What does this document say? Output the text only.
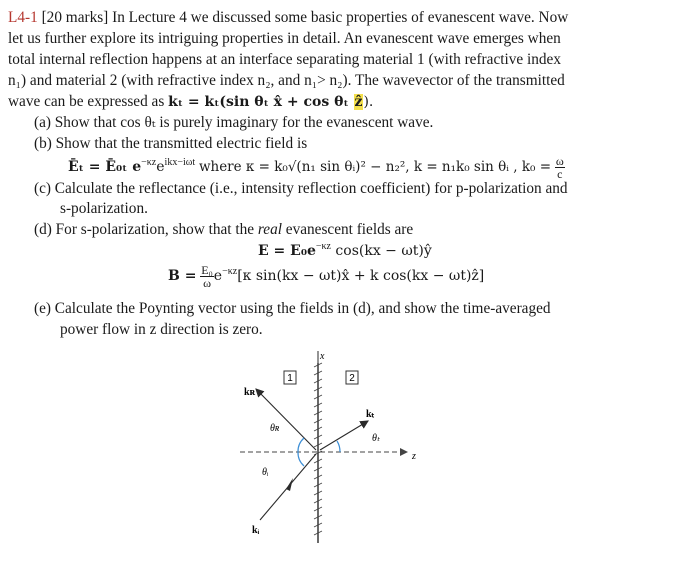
L4-1 [20 marks] In Lecture 4 we discussed some basic properties of evanescent wave. Now
let us further explore its intriguing properties in detail. An evanescent wave emerges when
total internal reflection happens at an interface separating material 1 (with refractive index
n₁) and material 2 (with refractive index n₂, and n₁> n₂). The wavevector of the transmitted
wave can be expressed as kₜ = kₜ(sin θₜ x̂ + cos θₜ ẑ).
(a) Show that cos θₜ is purely imaginary for the evanescent wave.
(b) Show that the transmitted electric field is
Ēₜ = Ē₀ₜ $e^{-\kappa z}e^{ikx-i\omega t}$ where κ = k₀√(n₁ sin θᵢ)² − n₂², k = n₁k₀ sin θᵢ , $k_0 = \frac{\omega}{c}$
(c) Calculate the reflectance (i.e., intensity reflection coefficient) for p-polarization and
s-polarization.
(d) For s-polarization, show that the real evanescent fields are
$E = E_0e^{-\kappa z}$ cos(kx − ωt)ŷ
$B = \frac{\text{E₀}}{\omega} e^{-\kappa z}[\kappa$ sin(kx − ωt)x̂ + k cos(kx − ωt)ẑ]
(e) Calculate the Poynting vector using the fields in (d), and show the time-averaged
power flow in z direction is zero.
x
z
1	2
kʀ
θʀ
kₜ
θₜ
θᵢ
kᵢ
